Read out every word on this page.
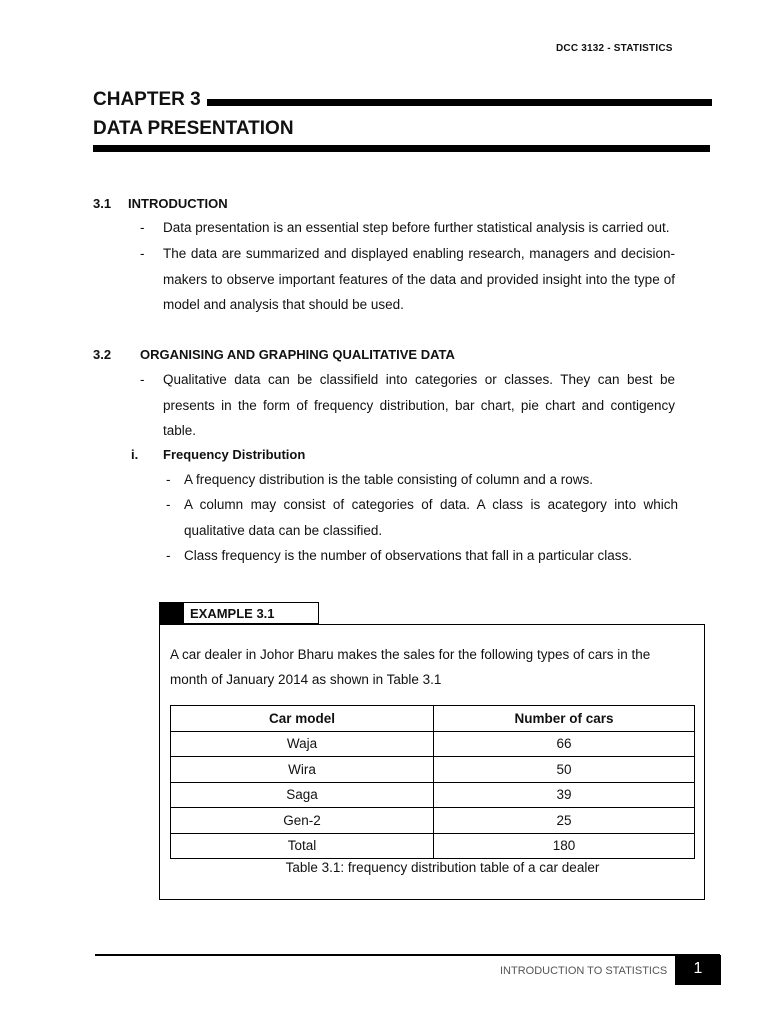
DCC 3132 - STATISTICS
CHAPTER 3
DATA PRESENTATION
3.1 INTRODUCTION
- Data presentation is an essential step before further statistical analysis is carried out.
- The data are summarized and displayed enabling research, managers and decision-makers to observe important features of the data and provided insight into the type of model and analysis that should be used.
3.2 ORGANISING AND GRAPHING QUALITATIVE DATA
- Qualitative data can be classifield into categories or classes. They can best be presents in the form of frequency distribution, bar chart, pie chart and contigency table.
i. Frequency Distribution
- A frequency distribution is the table consisting of column and a rows.
- A column may consist of categories of data. A class is acategory into which qualitative data can be classified.
- Class frequency is the number of observations that fall in a particular class.
EXAMPLE 3.1
A car dealer in Johor Bharu makes the sales for the following types of cars in the month of January 2014 as shown in Table 3.1
Car model	Number of cars
Waja	66
Wira	50
Saga	39
Gen-2	25
Total	180
Table 3.1: frequency distribution table of a car dealer
INTRODUCTION TO STATISTICS	1
